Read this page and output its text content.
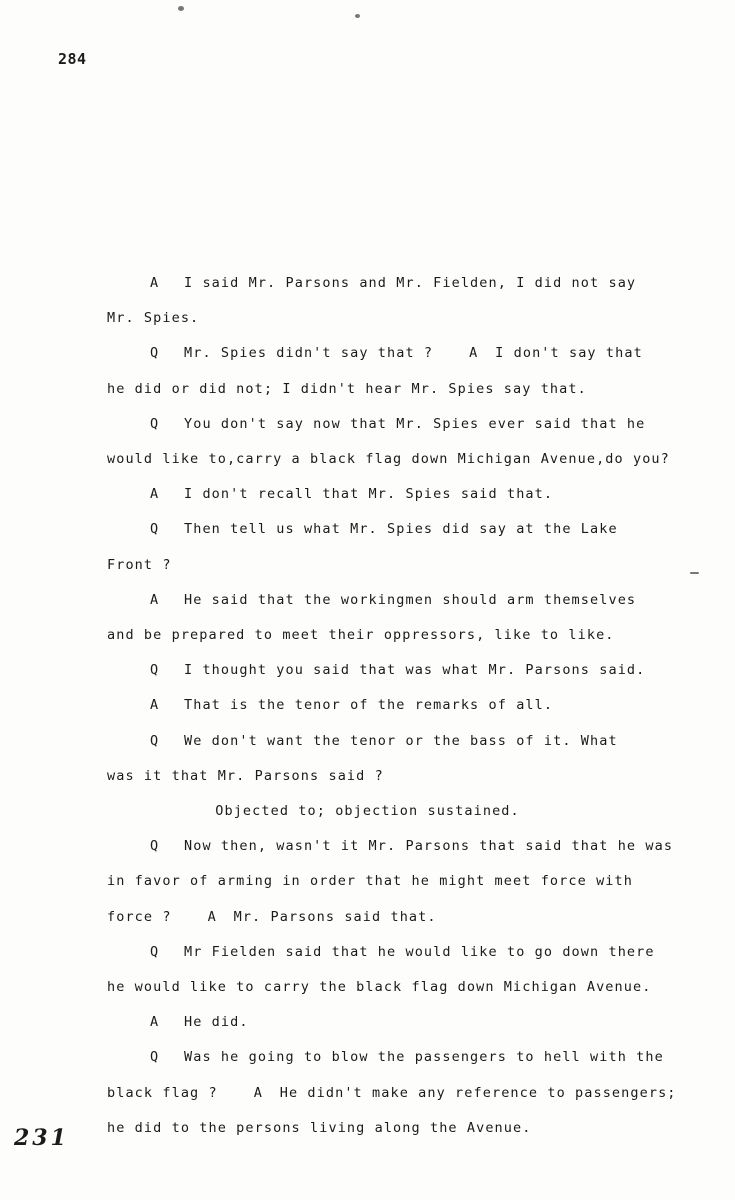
284
A I said Mr. Parsons and Mr. Fielden, I did not say
Mr. Spies.
Q Mr. Spies didn't say that ?	A I don't say that
he did or did not; I didn't hear Mr. Spies say that.
Q You don't say now that Mr. Spies ever said that he
would like to,carry a black flag down Michigan Avenue,do you?
A I don't recall that Mr. Spies said that.
Q Then tell us what Mr. Spies did say at the Lake
Front ?
A He said that the workingmen should arm themselves
and be prepared to meet their oppressors, like to like.
Q I thought you said that was what Mr. Parsons said.
A That is the tenor of the remarks of all.
Q We don't want the tenor or the bass of it. What
was it that Mr. Parsons said ?
Objected to; objection sustained.
Q Now then, wasn't it Mr. Parsons that said that he was
in favor of arming in order that he might meet force with
force ?	A Mr. Parsons said that.
Q Mr Fielden said that he would like to go down there
he would like to carry the black flag down Michigan Avenue.
A He did.
Q Was he going to blow the passengers to hell with the
black flag ?	A He didn't make any reference to passengers;
he did to the persons living along the Avenue.
231
